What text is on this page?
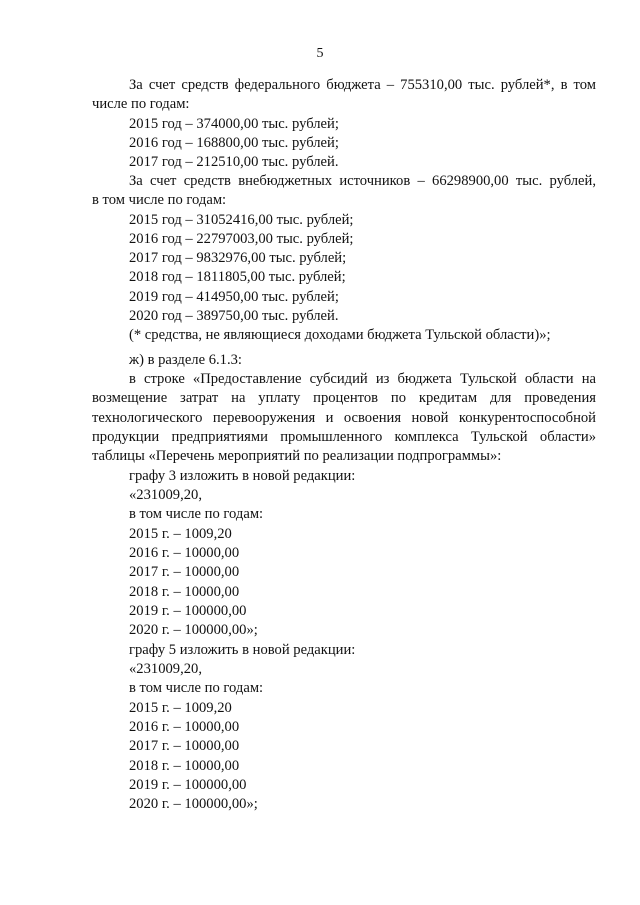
5
За счет средств федерального бюджета – 755310,00 тыс. рублей*, в том
числе по годам:
2015 год – 374000,00 тыс. рублей;
2016 год – 168800,00 тыс. рублей;
2017 год – 212510,00 тыс. рублей.
За счет средств внебюджетных источников – 66298900,00 тыс. рублей,
в том числе по годам:
2015 год – 31052416,00 тыс. рублей;
2016 год – 22797003,00 тыс. рублей;
2017 год – 9832976,00 тыс. рублей;
2018 год – 1811805,00 тыс. рублей;
2019 год – 414950,00 тыс. рублей;
2020 год – 389750,00 тыс. рублей.
(* средства, не являющиеся доходами бюджета Тульской области)»;
ж) в разделе 6.1.3:
в строке «Предоставление субсидий из бюджета Тульской области на
возмещение затрат на уплату процентов по кредитам для проведения
технологического перевооружения и освоения новой конкурентоспособной
продукции предприятиями промышленного комплекса Тульской области»
таблицы «Перечень мероприятий по реализации подпрограммы»:
графу 3 изложить в новой редакции:
«231009,20,
в том числе по годам:
2015 г. – 1009,20
2016 г. – 10000,00
2017 г. – 10000,00
2018 г. – 10000,00
2019 г. – 100000,00
2020 г. – 100000,00»;
графу 5 изложить в новой редакции:
«231009,20,
в том числе по годам:
2015 г. – 1009,20
2016 г. – 10000,00
2017 г. – 10000,00
2018 г. – 10000,00
2019 г. – 100000,00
2020 г. – 100000,00»;
